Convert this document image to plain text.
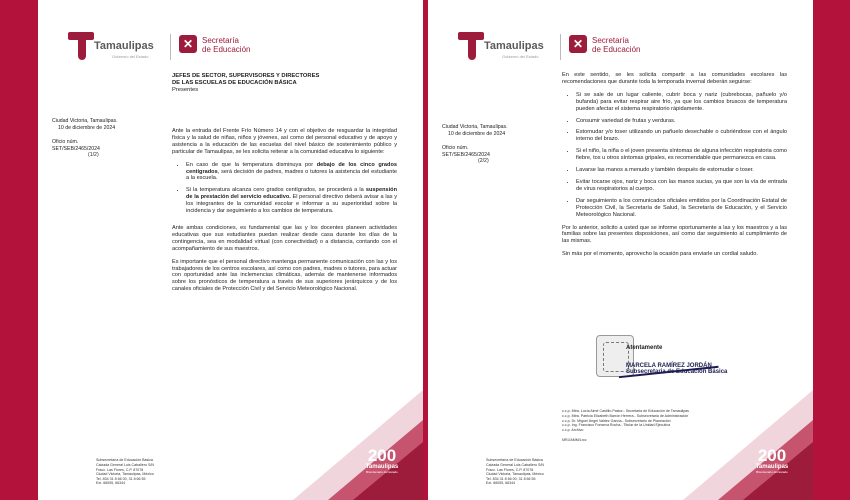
Tamaulipas
Gobierno del Estado
✕	Secretaría
de Educación
JEFES DE SECTOR, SUPERVISORES Y DIRECTORES
DE LAS ESCUELAS DE EDUCACIÓN BÁSICA
Presentes
Ciudad Victoria, Tamaulipas.
10 de diciembre de 2024
Oficio núm.
SET/SEB/2465/2024
(1/2)

Ante la entrada del Frente Frío Número 14 y con el objetivo de resguardar la integridad física y la salud de niñas, niños y jóvenes, así como del personal educativo y de apoyo y asistencia a la educación de las escuelas del nivel básico de sostenimiento público y particular de Tamaulipas, se les solicita reiterar a la comunidad educativa lo siguiente:

• En caso de que la temperatura disminuya por debajo de los cinco grados centígrados, será decisión de padres, madres o tutores la asistencia del estudiante a la escuela.
• Si la temperatura alcanza cero grados centígrados, se procederá a la suspensión de la prestación del servicio educativo. El personal directivo deberá avisar a las y los integrantes de la comunidad escolar e informar a su superioridad sobre la incidencia y dar seguimiento a los cambios de temperatura.

Ante ambas condiciones, es fundamental que las y los docentes planeen actividades educativas que sus estudiantes puedan realizar desde casa durante los días de la contingencia, sea en modalidad virtual (con conectividad) o a distancia, contando con el acompañamiento de sus maestros.

Es importante que el personal directivo mantenga permanente comunicación con las y los trabajadores de los centros escolares, así como con padres, madres o tutores, para actuar con oportunidad ante las inclemencias climáticas, además de mantenerse informados sobre los pronósticos de temperatura a través de sus superiores jerárquicos y de los canales oficiales de Protección Civil y del Servicio Meteorológico Nacional.

200
Tamaulipas
Bicentenario del Estado
Subsecretaría de Educación Básica
Calzada General Luis Caballero S/N
Fracc. Las Flores, C.P. 87078
Ciudad Victoria, Tamaulipas, México
Tel. 834 31 8 66 00, 31 8 66 55
Ext. 66055, 66344
Tamaulipas
Gobierno del Estado
✕	Secretaría
de Educación
Ciudad Victoria, Tamaulipas.
10 de diciembre de 2024
Oficio núm.
SET/SEB/2465/2024
(2/2)

En este sentido, se les solicita compartir a las comunidades escolares las recomendaciones que durante toda la temporada invernal deberán seguirse:

• Si se sale de un lugar caliente, cubrir boca y nariz (cubrebocas, pañuelo y/o bufanda) para evitar respirar aire frío, ya que los cambios bruscos de temperatura pueden afectar el sistema respiratorio rápidamente.
• Consumir variedad de frutas y verduras.
• Estornudar y/o toser utilizando un pañuelo desechable o cubriéndose con el ángulo interno del brazo.
• Si el niño, la niña o el joven presenta síntomas de alguna infección respiratoria como fiebre, tos u otros síntomas gripales, es recomendable que permanezca en casa.
• Lavarse las manos a menudo y también después de estornudar o toser.
• Evitar tocarse ojos, nariz y boca con las manos sucias, ya que son la vía de entrada de virus respiratorios al cuerpo.
• Dar seguimiento a los comunicados oficiales emitidos por la Coordinación Estatal de Protección Civil, la Secretaría de Salud, la Secretaría de Educación, y el Servicio Meteorológico Nacional.

Por lo anterior, solicito a usted que se informe oportunamente a las y los maestros y a las familias sobre las presentes disposiciones, así como dar seguimiento al cumplimiento de las mismas.

Sin más por el momento, aprovecho la ocasión para enviarle un cordial saludo.

Atentamente
MARCELA RAMÍREZ JORDÁN
Subsecretaria de Educación Básica
c.c.p. Mtra. Lucía Aimé Castillo Pastor.- Secretaria de Educación de Tamaulipas
c.c.p. Mtra. Patricia Elizabeth Barrón Herrera.- Subsecretaria de Administración
c.c.p. Dr. Miguel Ángel Valdez García.- Subsecretario de Planeación
c.c.p. Ing. Francisco Fonseca Rocha.- Titular de la Unidad Ejecutiva
c.c.p. Archivo
MRJ/AMM/Lrcc
200
Tamaulipas
Bicentenario del Estado
Subsecretaría de Educación Básica
Calzada General Luis Caballero S/N
Fracc. Las Flores, C.P. 87078
Ciudad Victoria, Tamaulipas, México
Tel. 834 31 8 66 00, 31 8 66 55
Ext. 66055, 66344
